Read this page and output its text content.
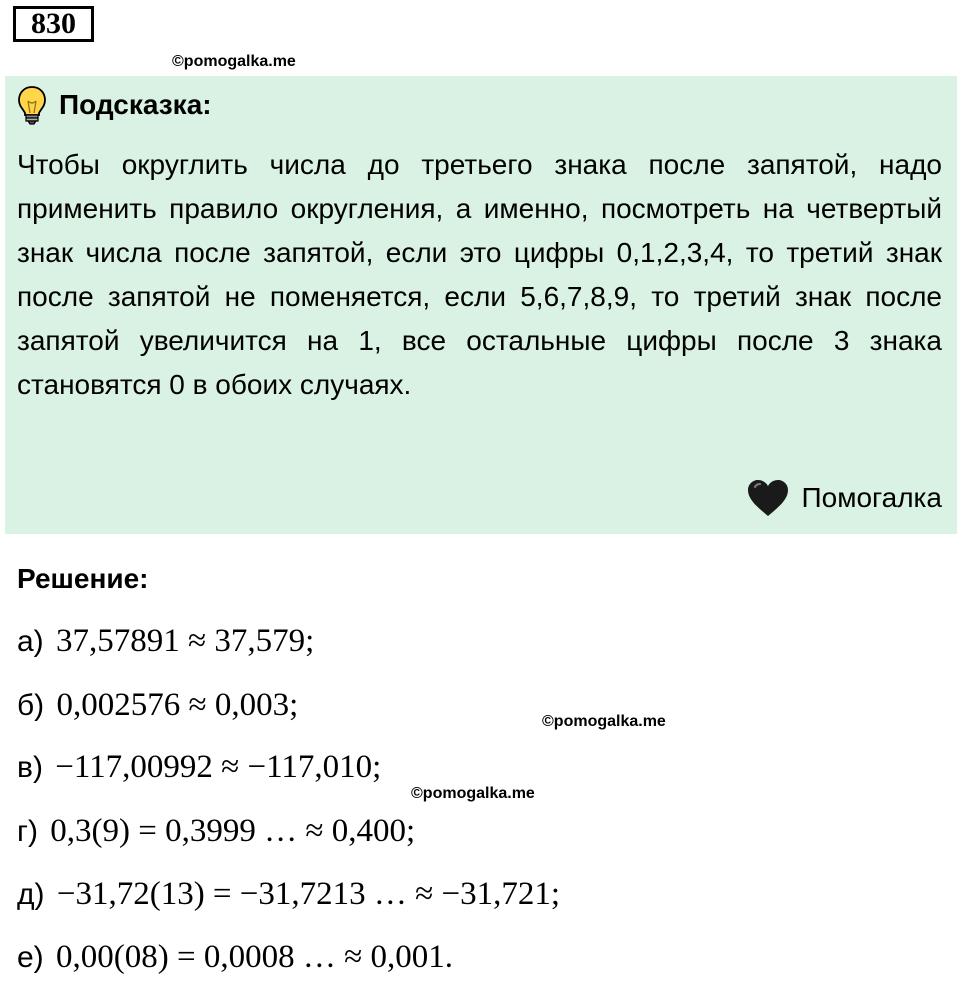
830
©pomogalka.me
Подсказка:
Чтобы округлить числа до третьего знака после запятой, надо применить правило округления, а именно, посмотреть на четвертый знак числа после запятой, если это цифры 0,1,2,3,4, то третий знак после запятой не поменяется, если 5,6,7,8,9, то третий знак после запятой увеличится на 1, все остальные цифры после 3 знака становятся 0 в обоих случаях.
Помогалка
Решение:
а) 37,57891 ≈ 37,579;
б) 0,002576 ≈ 0,003;
в) −117,00992 ≈ −117,010;
г) 0,3(9) = 0,3999 … ≈ 0,400;
д) −31,72(13) = −31,7213 … ≈ −31,721;
е) 0,00(08) = 0,0008 … ≈ 0,001.
©pomogalka.me
©pomogalka.me
